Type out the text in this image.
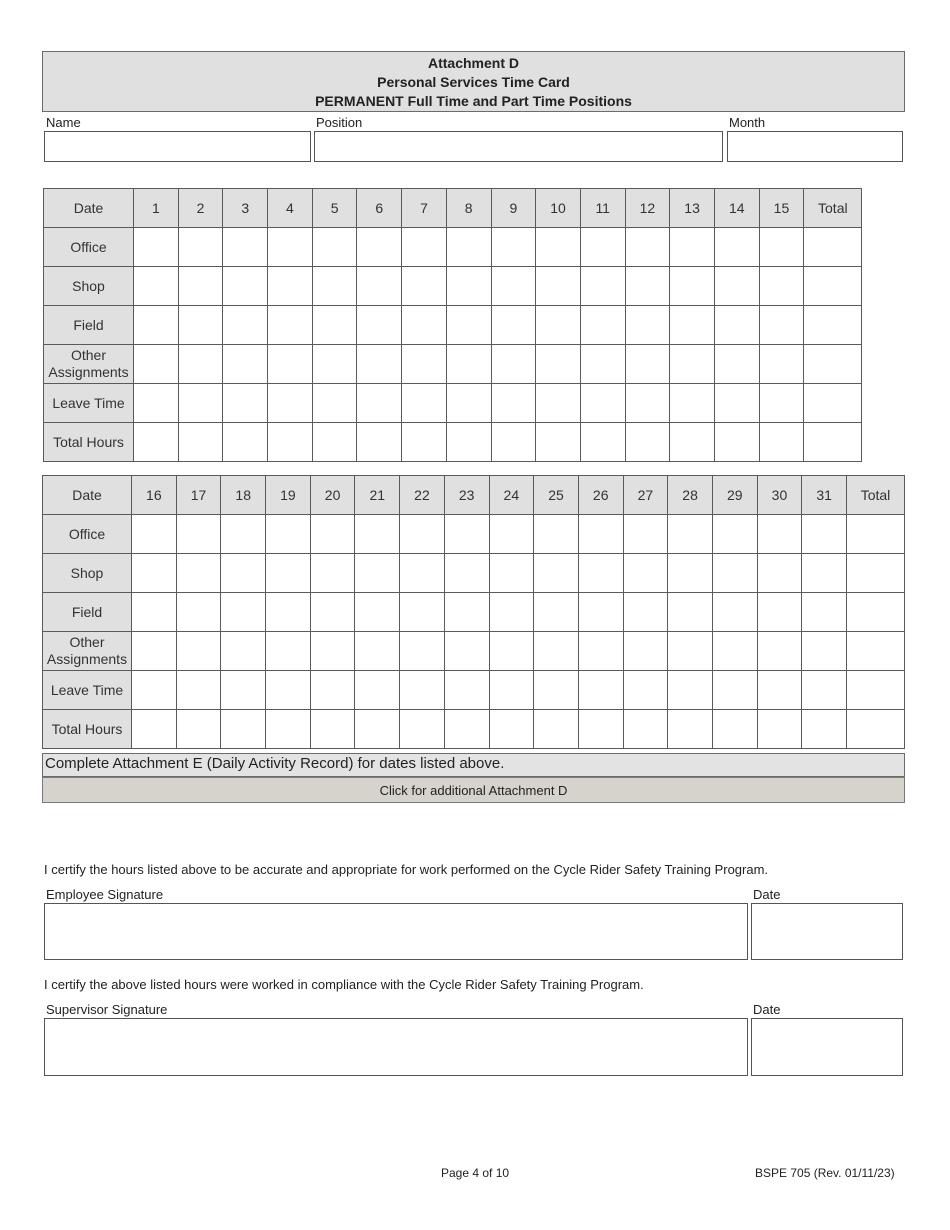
Attachment D
Personal Services Time Card
PERMANENT Full Time and Part Time Positions
Name	Position	Month
Date	1	2	3	4	5	6	7	8	9	10	11	12	13	14	15	Total
Office																
Shop																
Field																
Other Assignments																
Leave Time																
Total Hours																
Date	16	17	18	19	20	21	22	23	24	25	26	27	28	29	30	31	Total
Office																	
Shop																	
Field																	
Other Assignments																	
Leave Time																	
Total Hours																	
Complete Attachment E (Daily Activity Record) for dates listed above.
Click for additional Attachment D
I certify the hours listed above to be accurate and appropriate for work performed on the Cycle Rider Safety Training Program.
Employee Signature	Date
I certify the above listed hours were worked in compliance with the Cycle Rider Safety Training Program.
Supervisor Signature	Date
Page 4 of 10	BSPE 705 (Rev. 01/11/23)
